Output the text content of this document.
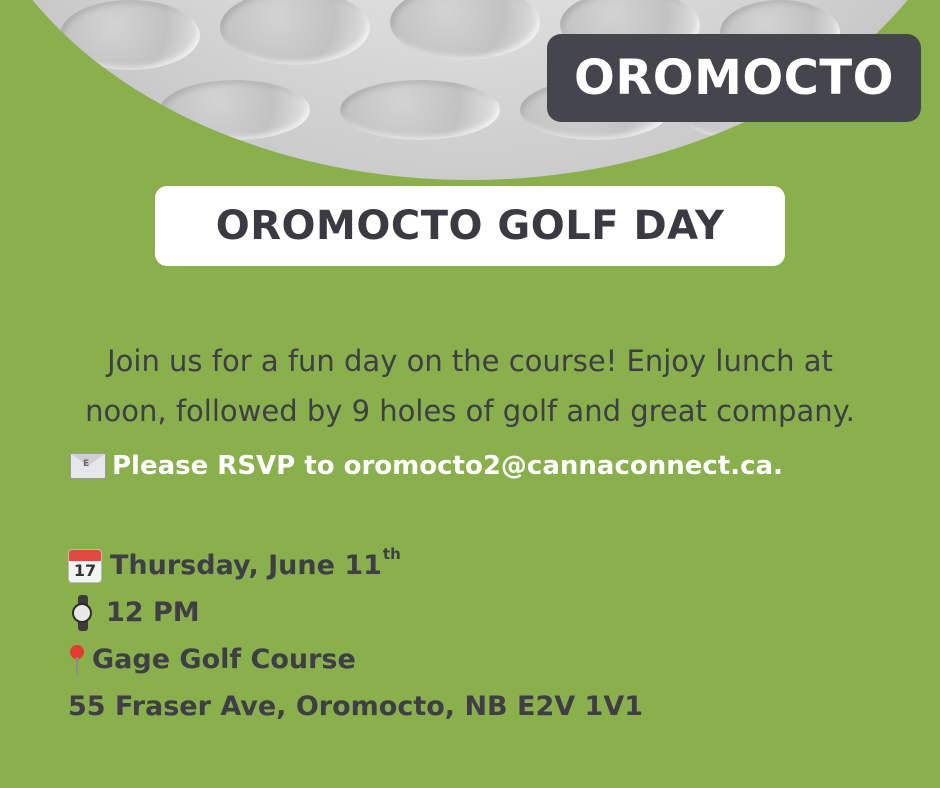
OROMOCTO
OROMOCTO GOLF DAY
Join us for a fun day on the course! Enjoy lunch at
noon, followed by 9 holes of golf and great company.
E Please RSVP to oromocto2@cannaconnect.ca.
17 Thursday, June 11 th
12 PM
Gage Golf Course
55 Fraser Ave, Oromocto, NB E2V 1V1
